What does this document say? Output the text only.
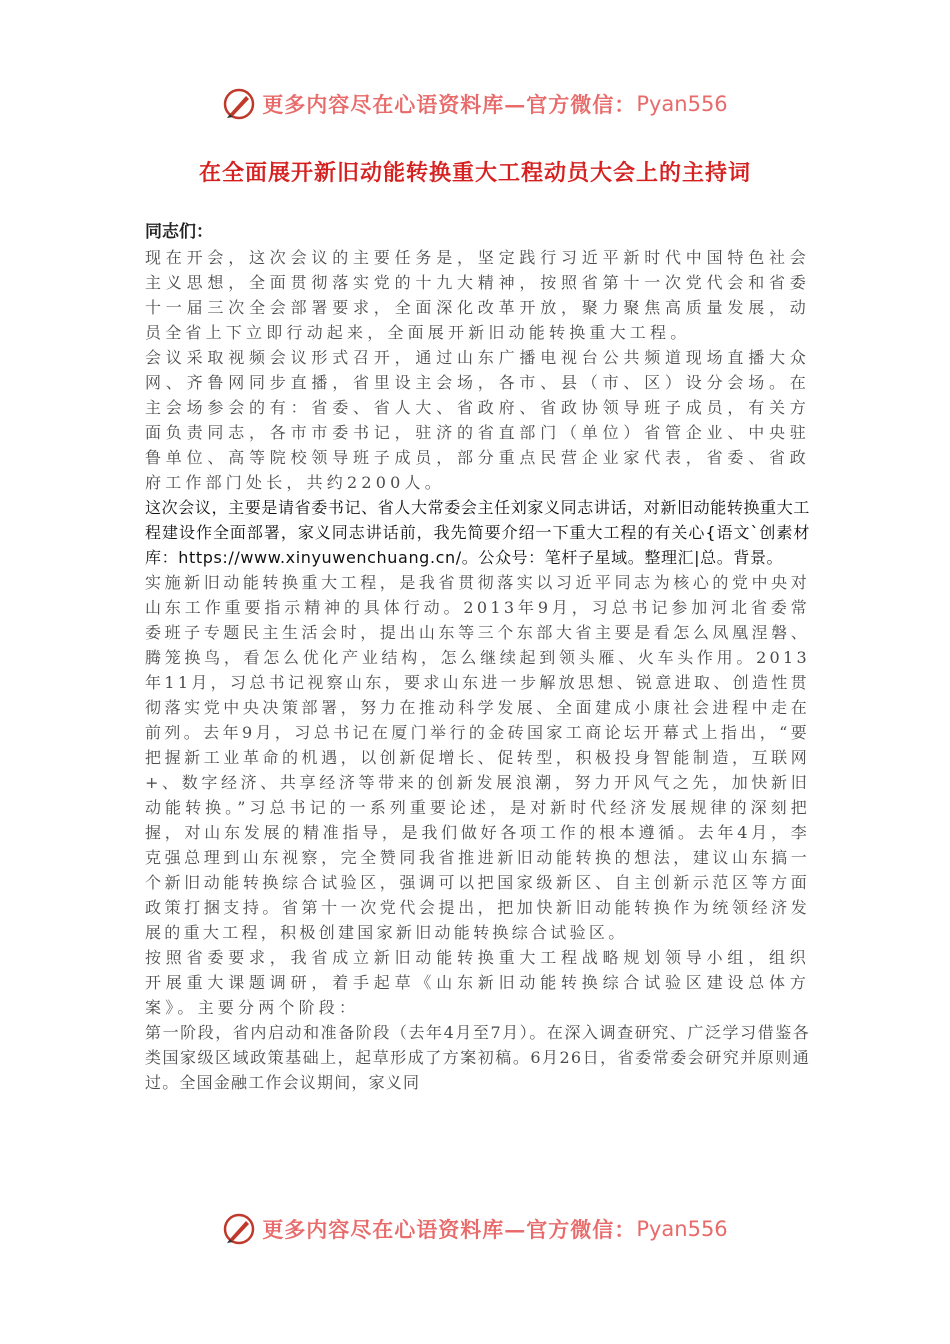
更多内容尽在心语资料库—官方微信： Pyan556
在全面展开新旧动能转换重大工程动员大会上的主持词

同志们：

现在开会，这次会议的主要任务是，坚定践行习近平新时代中国特色社会主义思想，全面贯彻落实党的十九大精神，按照省第十一次党代会和省委十一届三次全会部署要求，全面深化改革开放，聚力聚焦高质量发展，动员全省上下立即行动起来，全面展开新旧动能转换重大工程。

会议采取视频会议形式召开，通过山东广播电视台公共频道现场直播大众网、齐鲁网同步直播，省里设主会场，各市、县（市、区）设分会场。在主会场参会的有：省委、省人大、省政府、省政协领导班子成员，有关方面负责同志，各市市委书记，驻济的省直部门（单位）省管企业、中央驻鲁单位、高等院校领导班子成员，部分重点民营企业家代表，省委、省政府工作部门处长，共约2200人。

这次会议，主要是请省委书记、省人大常委会主任刘家义同志讲话，对新旧动能转换重大工程建设作全面部署，家义同志讲话前，我先简要介绍一下重大工程的有关心{语文`创素材库：https://www.xinyuwenchuang.cn/。公众号：笔杆子星域。整理汇|总。背景。

实施新旧动能转换重大工程，是我省贯彻落实以习近平同志为核心的党中央对山东工作重要指示精神的具体行动。2013年9月，习总书记参加河北省委常委班子专题民主生活会时，提出山东等三个东部大省主要是看怎么凤凰涅磐、腾笼换鸟，看怎么优化产业结构，怎么继续起到领头雁、火车头作用。2013年11月，习总书记视察山东，要求山东进一步解放思想、锐意进取、创造性贯彻落实党中央决策部署，努力在推动科学发展、全面建成小康社会进程中走在前列。去年9月，习总书记在厦门举行的金砖国家工商论坛开幕式上指出，“要把握新工业革命的机遇，以创新促增长、促转型，积极投身智能制造，互联网+、数字经济、共享经济等带来的创新发展浪潮，努力开风气之先，加快新旧动能转换。”习总书记的一系列重要论述，是对新时代经济发展规律的深刻把握，对山东发展的精准指导，是我们做好各项工作的根本遵循。去年4月，李克强总理到山东视察，完全赞同我省推进新旧动能转换的想法，建议山东搞一个新旧动能转换综合试验区，强调可以把国家级新区、自主创新示范区等方面政策打捆支持。省第十一次党代会提出，把加快新旧动能转换作为统领经济发展的重大工程，积极创建国家新旧动能转换综合试验区。

按照省委要求，我省成立新旧动能转换重大工程战略规划领导小组，组织开展重大课题调研，着手起草《山东新旧动能转换综合试验区建设总体方案》。主要分两个阶段：

第一阶段，省内启动和准备阶段（去年4月至7月）。在深入调查研究、广泛学习借鉴各类国家级区域政策基础上，起草形成了方案初稿。6月26日，省委常委会研究并原则通过。全国金融工作会议期间，家义同

更多内容尽在心语资料库—官方微信： Pyan556
